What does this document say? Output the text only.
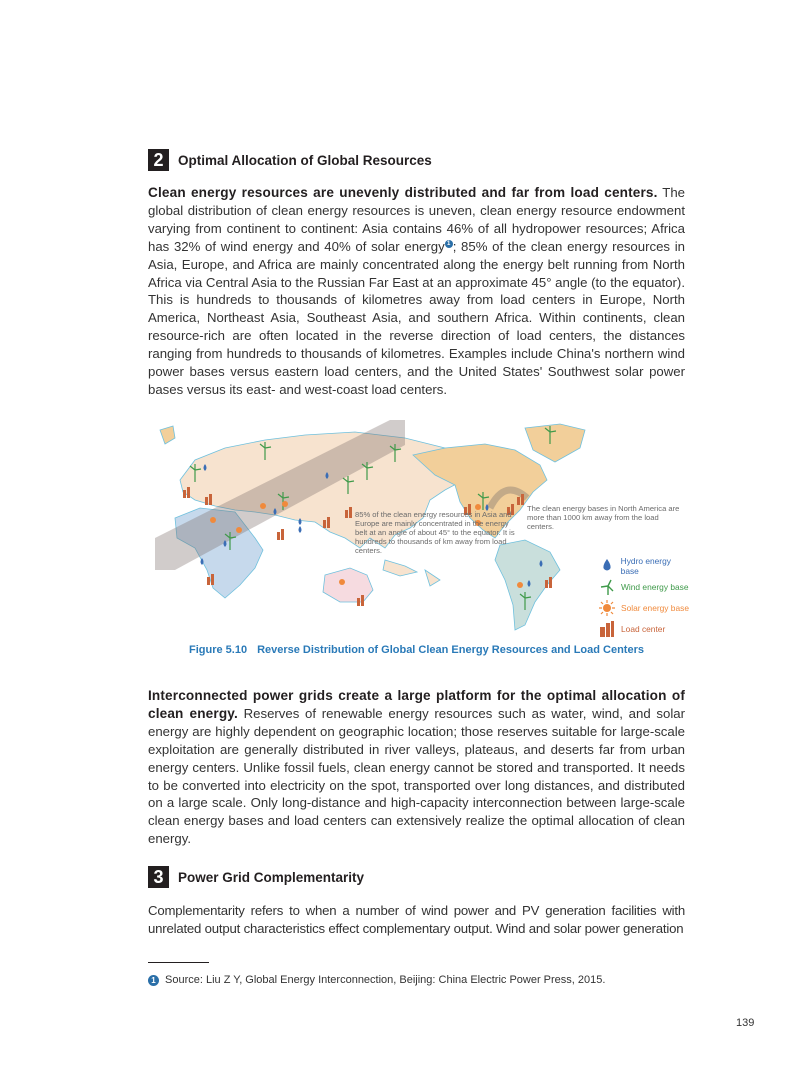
2	Optimal Allocation of Global Resources
Clean energy resources are unevenly distributed and far from load centers. The global distribution of clean energy resources is uneven, clean energy resource endowment varying from continent to continent: Asia contains 46% of all hydropower resources; Africa has 32% of wind energy and 40% of solar energy $^1$ ; 85% of the clean energy resources in Asia, Europe, and Africa are mainly concentrated along the energy belt running from North Africa via Central Asia to the Russian Far East at an approximate 45° angle (to the equator). This is hundreds to thousands of kilometres away from load centers in Europe, North America, Northeast Asia, Southeast Asia, and southern Africa. Within continents, clean resource-rich are often located in the reverse direction of load centers, the distances ranging from hundreds to thousands of kilometres. Examples include China's northern wind power bases versus eastern load centers, and the United States' Southwest solar power bases versus its east- and west-coast load centers.
85% of the clean energy resources in Asia and Europe are mainly concentrated in the energy belt at an angle of about 45° to the equator. It is hundreds to thousands of km away from load centers.
The clean energy bases in North America are more than 1000 km away from the load centers.
Hydro energy base
Wind energy base
Solar energy base
Load center
Figure 5.10 Reverse Distribution of Global Clean Energy Resources and Load Centers
Interconnected power grids create a large platform for the optimal allocation of clean energy. Reserves of renewable energy resources such as water, wind, and solar energy are highly dependent on geographic location; those reserves suitable for large-scale exploitation are generally distributed in river valleys, plateaus, and deserts far from urban energy centers. Unlike fossil fuels, clean energy cannot be stored and transported. It needs to be converted into electricity on the spot, transported over long distances, and distributed on a large scale. Only long-distance and high-capacity interconnection between large-scale clean energy bases and load centers can extensively realize the optimal allocation of clean energy.
3	Power Grid Complementarity
Complementarity refers to when a number of wind power and PV generation facilities with unrelated output characteristics effect complementary output. Wind and solar power generation
1 Source: Liu Z Y, Global Energy Interconnection, Beijing: China Electric Power Press, 2015.
139
